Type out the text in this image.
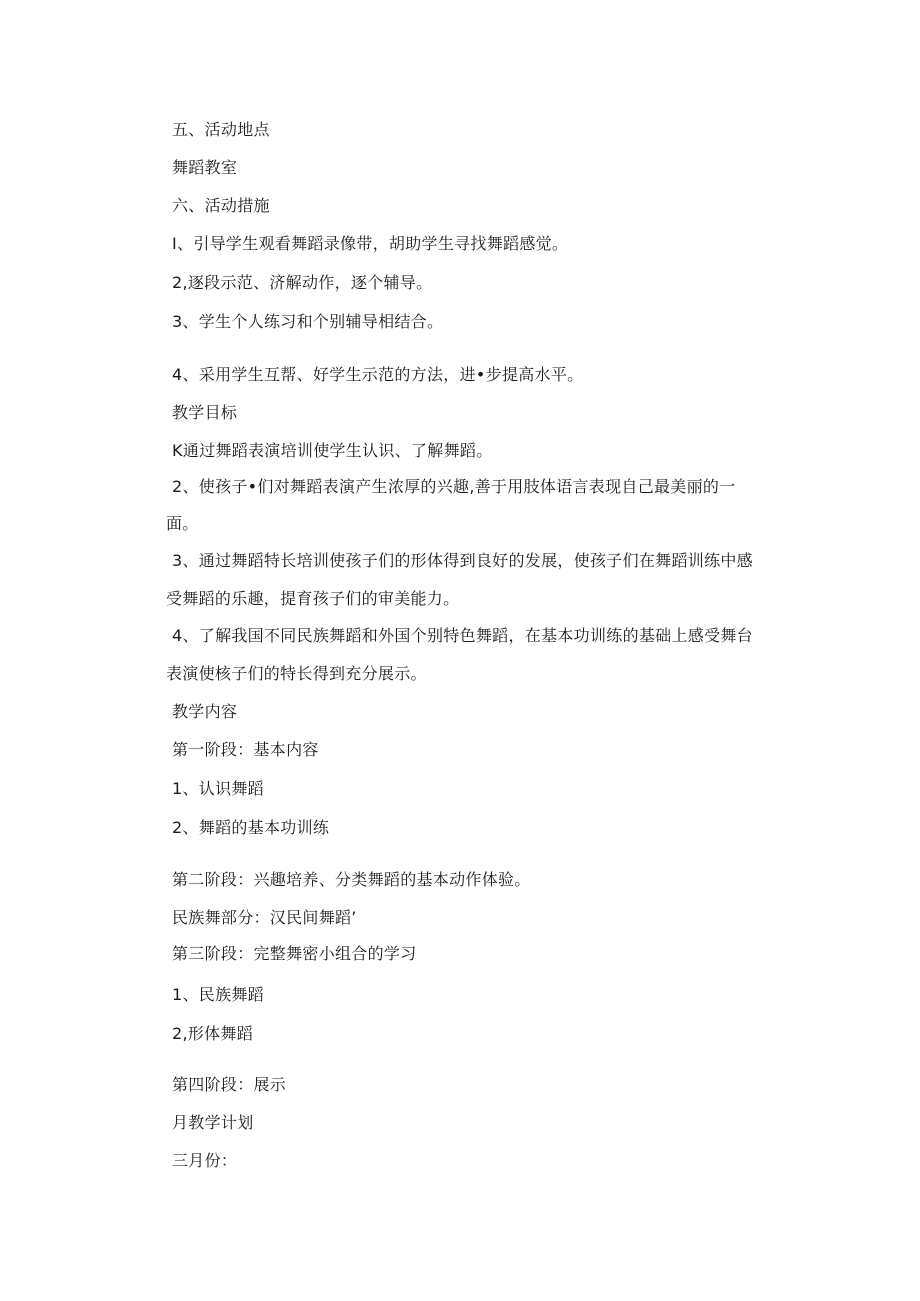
五、活动地点
舞蹈教室
六、活动措施
I、引导学生观看舞蹈录像带，胡助学生寻找舞蹈感觉。
2,逐段示范、济解动作，逐个辅导。
3、学生个人练习和个别辅导相结合。
4、采用学生互帮、好学生示范的方法，进•步提高水平。
教学目标
K通过舞蹈表演培训使学生认识、了解舞蹈。
2、使孩子•们对舞蹈表演产生浓厚的兴趣,善于用肢体语言表现自己最美丽的一
面。
3、通过舞蹈特长培训使孩子们的形体得到良好的发展，使孩子们在舞蹈训练中感
受舞蹈的乐趣，提育孩子们的审美能力。
4、了解我国不同民族舞蹈和外国个别特色舞蹈，在基本功训练的基础上感受舞台
表演使核子们的特长得到充分展示。
教学内容
第一阶段：基本内容
1、认识舞蹈
2、舞蹈的基本功训练
第二阶段：兴趣培养、分类舞蹈的基本动作体验。
民族舞部分：汉民间舞蹈’
第三阶段：完整舞密小组合的学习
1、民族舞蹈
2,形体舞蹈
第四阶段：展示
月教学计划
三月份：
